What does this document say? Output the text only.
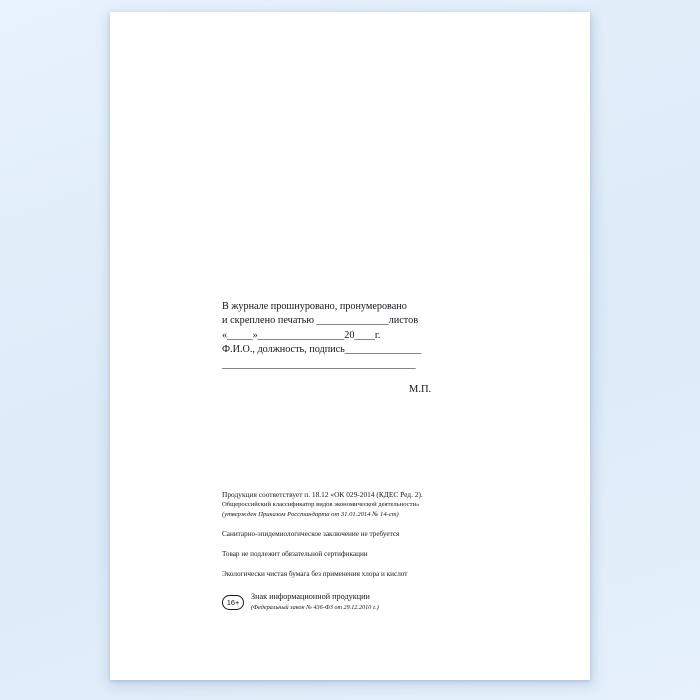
В журнале прошнуровано, пронумеровано
и скреплено печатью ______________листов
«_____»_________________20____г.
Ф.И.О., должность, подпись_______________
______________________________________
М.П.
Продукция соответствует п. 18.12 «ОК 029-2014 (КДЕС Ред. 2).
Общероссийский классификатор видов экономической деятельности»
(утвержден Приказом Росстандарта от 31.01.2014 № 14-ст)
Санитарно-эпидемиологическое заключение не требуется
Товар не подлежит обязательной сертификации
Экологически чистая бумага без применения хлора и кислот
16+
Знак информационной продукции
(Федеральный закон № 436-ФЗ от 29.12.2010 г.)
